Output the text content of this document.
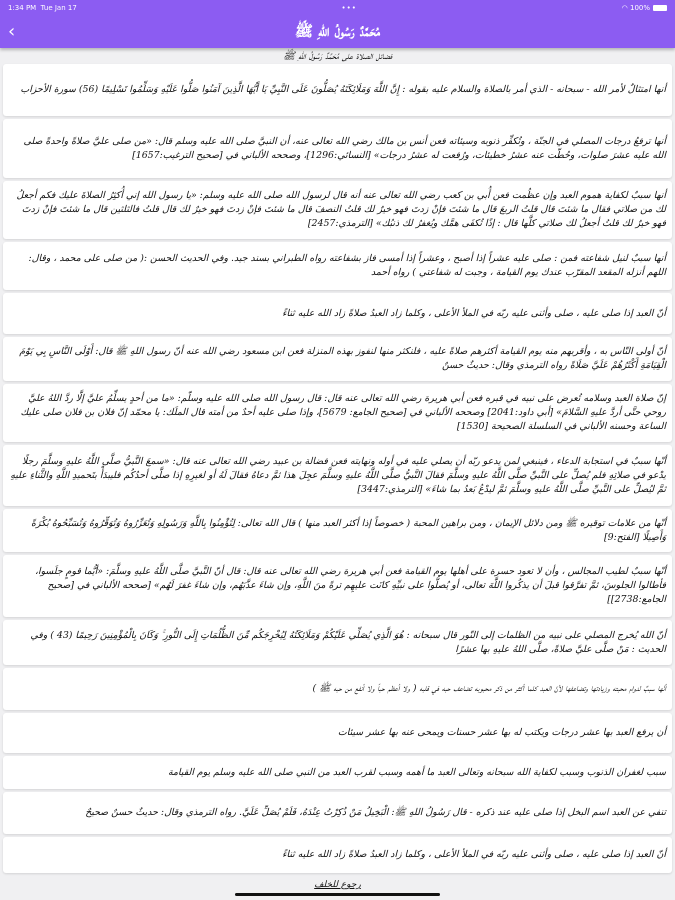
1:34 PM Tue Jan 17	•••	◠ 100%
‹	مُحَمَّدٌ رَسُولُ اللهِ ﷺ
فضائل الصلاة على مُحَمَّدٌ رَسُولُ اللهِ ﷺ
أنها امتثالٌ لأمر الله - سبحانه - الذي أمر بالصلاة والسلام عليه بقوله : إِنَّ اللَّهَ وَمَلَائِكَتَهُ يُصَلُّونَ عَلَى النَّبِيِّ يَا أَيُّهَا الَّذِينَ آمَنُوا صَلُّوا عَلَيْهِ وَسَلِّمُوا تَسْلِيمًا (56) سورة الأحزاب
أنها ترفعُ درجات المصلي في الجنّة ، وتُكفِّر ذنوبه وسيئاته فعن أنس بن مالك رضي الله تعالى عنه، أن النبيَّ صلى الله عليه وسلم قال: «من صلى عليَّ صلاةً واحدةً صلى الله عليه عشرَ صلوات، وحُطّت عنه عشرُ خطيئات، ورُفعت له عشرُ درجات» [النسائي:1296]، وصححه الألباني في [صحيح الترغيب:1657]
أنها سببٌ لكفاية هموم العبد وإن عظُمت فعن أُبي بن كعب رضي الله تعالى عنه أنه قال لرسول الله صلى الله عليه وسلم: «يا رسول الله إني أُكثِرُ الصلاةَ عليك فكم أجعلُ لك من صلاتي فقال ما شئتَ قال قلتُ الربعَ قال ما شئتَ فإنْ زدتَ فهو خيرٌ لك قلتُ النصفَ قال ما شئتَ فإنْ زدتَ فهو خيرٌ لك قال قلتُ فالثلثين قال ما شئتَ فإنْ زدتَ فهو خيرٌ لك قلتُ أجعلُ لك صلاتي كلَّها قال : إذًا تُكفَى همَّك ويُغفرُ لك ذنبُك» [الترمذي:2457]
أنها سببٌ لنيل شفاعته فمن : صلى عليه عشراً إذا أصبح ، وعشراً إذا أمسى فاز بشفاعته رواه الطبراني بسند جيد. وفي الحديث الحسن :( من صلى على محمد ، وقال: اللهم أنزله المقعد المقرّب عندك يوم القيامة ، وجبت له شفاعتي ) رواه أحمد
أنّ العبد إذا صلى عليه ، صلى وأثنى عليه ربّه في الملأ الأعلى ، وكلما زاد العبدُ صلاةً زاد الله عليه ثناءً
أنّ أولى النّاس به ، وأقربهم منه يوم القيامة أكثرهم صلاةً عليه ، فلنكثر منها لنفوز بهذه المنزلة فعن ابن مسعود رضي الله عنه أنّ رسول اللهِ ﷺ قال: أَوْلَى النَّاسِ بِي يَوْمَ الْقِيَامَةِ أَكْثَرُهُمْ عَلَيَّ صَلَاةً رواه الترمذي وقال: حديثٌ حسنٌ
إنّ صلاة العبد وسلامه تُعرض على نبيه في قبره فعن أبي هريرة رضي الله تعالى عنه قال: قال رسول الله صلى الله عليه وسلّم: «ما من أحدٍ يسلِّمُ عليَّ إلَّا ردَّ اللهُ عليَّ روحي حتَّى أردَّ عليهِ السَّلامَ» [أبي داود:2041] وصححه الألباني في [صحيح الجامع: 5679]، وإذا صلى عليه أحدٌ من أمته قال الملَك: يا محمّد إنّ فلان بن فلان صلى عليك الساعة وحسنه الألباني في السلسلة الصحيحة [1530]
أنّها سببٌ في استجابة الدعاء ، فينبغي لمن يدعو ربّه أن يصلي عليه في أوله ونهايته فعن فضالة بن عبيد رضي الله تعالى عنه قال: «سمعَ النَّبيُّ صلَّى اللَّهُ عليهِ وسلَّمَ رجلًا يدْعو في صلاتِهِ فلم يُصلِّ على النَّبيِّ صلَّى اللَّهُ عليهِ وسلَّمَ فقالَ النَّبيُّ صلَّى اللَّهُ عليهِ وسلَّمَ عجِلَ هذا ثمَّ دعاهُ فقالَ لَهُ أو لغيرِهِ إذا صلَّى أحدُكُم فليبدَأْ بتَحميدِ اللَّهِ والثَّناءِ عليهِ ثمَّ ليُصلِّ على النَّبيِّ صلَّى اللَّهُ عليهِ وسلَّمَ ثمَّ ليدْعُ بَعدُ بما شاءَ» [الترمذي:3447]
أنّها من علامات توقيره ﷺ ومن دلائل الإيمان ، ومن براهين المحبة ( خصوصاً إذا أكثر العبد منها ) قال الله تعالى: لِتُؤْمِنُوا بِاللَّهِ وَرَسُولِهِ وَتُعَزِّرُوهُ وَتُوَقِّرُوهُ وَتُسَبِّحُوهُ بُكْرَةً وَأَصِيلًا [الفتح:9]
أنّها سببٌ لطيب المجالس ، وأن لا تعود حسرة على أهلها يوم القيامة فعن أبي هريرة رضي الله تعالى عنه قال: قال أنّ النَّبيَّ صلَّى اللَّهُ عليهِ وسلَّمَ: «أيُّما قومٍ جلَسوا، فأطالوا الجلوسَ، ثمَّ تفرَّقوا قبلَ أن يذكُروا اللَّهَ تعالى، أو يُصلُّوا على نبيِّهِ كانَت عليهِم ترةً منَ اللَّهِ، وإن شاءَ عذَّبَهُم، وإن شاءَ غفرَ لَهُم» [صححه الألباني في [صحيح الجامع:2738]]
أنّ الله يُخرج المصلي على نبيه من الظلمات إلى النّور قال سبحانه : هُوَ الَّذِي يُصَلِّي عَلَيْكُمْ وَمَلَائِكَتُهُ لِيُخْرِجَكُم مِّنَ الظُّلُمَاتِ إِلَى النُّورِ ۚ وَكَانَ بِالْمُؤْمِنِينَ رَحِيمًا (43 ) وفي الحديث : مَنْ صلَّى عليَّ صلاةً، صلَّى اللهُ عليهِ بها عشرًا
أنّها سببٌ لدوام محبته وزيادتها وتضاعفها لأنّ العبد كلما أكثر من ذكر محبوبه تضاعف حبه في قلبه ( ولا أعظم حباً ولا أنفع من حبه ﷺ )
أن يرفع العبد بها عشر درجات ويكتب له بها عشر حسنات ويمحى عنه بها عشر سيئات
سبب لغفران الذنوب وسبب لكفاية الله سبحانه وتعالى العبد ما أهمه وسبب لقرب العبد من النبي صلى الله عليه وسلم يوم القيامة
تنفي عن العبد اسم البخل إذا صلى عليه عند ذكره - قال رَسُولُ اللهِ ﷺ: الْبَخِيلُ مَنْ ذُكِرْتُ عِنْدَهُ، فَلَمْ يُصَلِّ عَلَيَّ. رواه الترمذي وقال: حديثٌ حسنٌ صحيحٌ
أنّ العبد إذا صلى عليه ، صلى وأثنى عليه ربّه في الملأ الأعلى ، وكلما زاد العبدُ صلاةً زاد الله عليه ثناءً
رجوع للخلف
